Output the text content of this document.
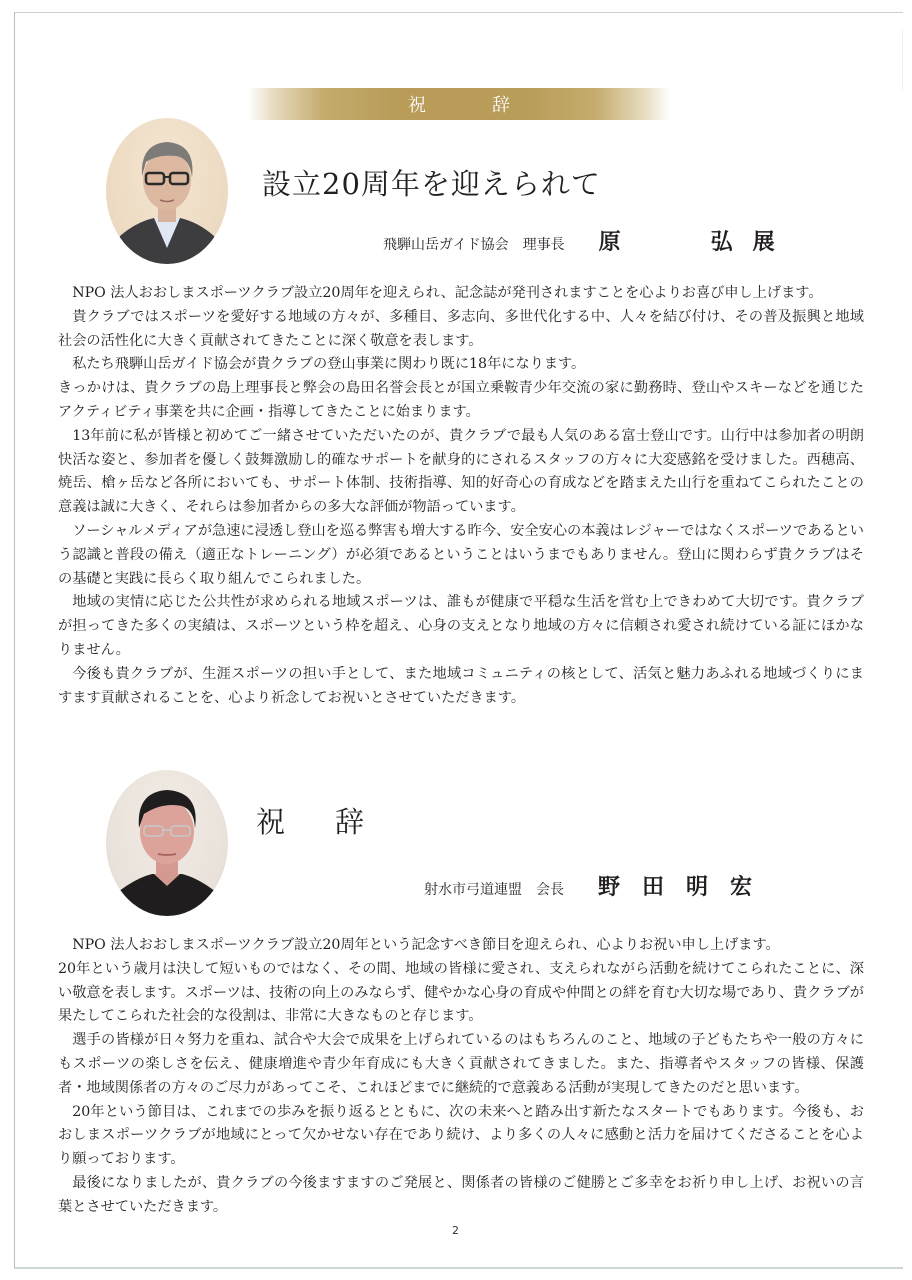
祝	辞
設立20周年を迎えられて
飛騨山岳ガイド協会 理事長 原	弘 展

NPO 法人おおしまスポーツクラブ設立20周年を迎えられ、記念誌が発刊されますことを心よりお喜び申し上げます。

貴クラブではスポーツを愛好する地域の方々が、多種目、多志向、多世代化する中、人々を結び付け、その普及振興と地域社会の活性化に大きく貢献されてきたことに深く敬意を表します。

私たち飛騨山岳ガイド協会が貴クラブの登山事業に関わり既に18年になります。

きっかけは、貴クラブの島上理事長と弊会の島田名誉会長とが国立乗鞍青少年交流の家に勤務時、登山やスキーなどを通じたアクティビティ事業を共に企画・指導してきたことに始まります。

13年前に私が皆様と初めてご一緒させていただいたのが、貴クラブで最も人気のある富士登山です。山行中は参加者の明朗快活な姿と、参加者を優しく鼓舞激励し的確なサポートを献身的にされるスタッフの方々に大変感銘を受けました。西穂高、焼岳、槍ヶ岳など各所においても、サポート体制、技術指導、知的好奇心の育成などを踏まえた山行を重ねてこられたことの意義は誠に大きく、それらは参加者からの多大な評価が物語っています。

ソーシャルメディアが急速に浸透し登山を巡る弊害も増大する昨今、安全安心の本義はレジャーではなくスポーツであるという認識と普段の備え（適正なトレーニング）が必須であるということはいうまでもありません。登山に関わらず貴クラブはその基礎と実践に長らく取り組んでこられました。

地域の実情に応じた公共性が求められる地域スポーツは、誰もが健康で平穏な生活を営む上できわめて大切です。貴クラブが担ってきた多くの実績は、スポーツという枠を超え、心身の支えとなり地域の方々に信頼され愛され続けている証にほかなりません。

今後も貴クラブが、生涯スポーツの担い手として、また地域コミュニティの核として、活気と魅力あふれる地域づくりにますます貢献されることを、心より祈念してお祝いとさせていただきます。

祝 辞
射水市弓道連盟 会長 野 田 明 宏

NPO 法人おおしまスポーツクラブ設立20周年という記念すべき節目を迎えられ、心よりお祝い申し上げます。

20年という歳月は決して短いものではなく、その間、地域の皆様に愛され、支えられながら活動を続けてこられたことに、深い敬意を表します。スポーツは、技術の向上のみならず、健やかな心身の育成や仲間との絆を育む大切な場であり、貴クラブが果たしてこられた社会的な役割は、非常に大きなものと存じます。

選手の皆様が日々努力を重ね、試合や大会で成果を上げられているのはもちろんのこと、地域の子どもたちや一般の方々にもスポーツの楽しさを伝え、健康増進や青少年育成にも大きく貢献されてきました。また、指導者やスタッフの皆様、保護者・地域関係者の方々のご尽力があってこそ、これほどまでに継続的で意義ある活動が実現してきたのだと思います。

20年という節目は、これまでの歩みを振り返るとともに、次の未来へと踏み出す新たなスタートでもあります。今後も、おおしまスポーツクラブが地域にとって欠かせない存在であり続け、より多くの人々に感動と活力を届けてくださることを心より願っております。

最後になりましたが、貴クラブの今後ますますのご発展と、関係者の皆様のご健勝とご多幸をお祈り申し上げ、お祝いの言葉とさせていただきます。

2
